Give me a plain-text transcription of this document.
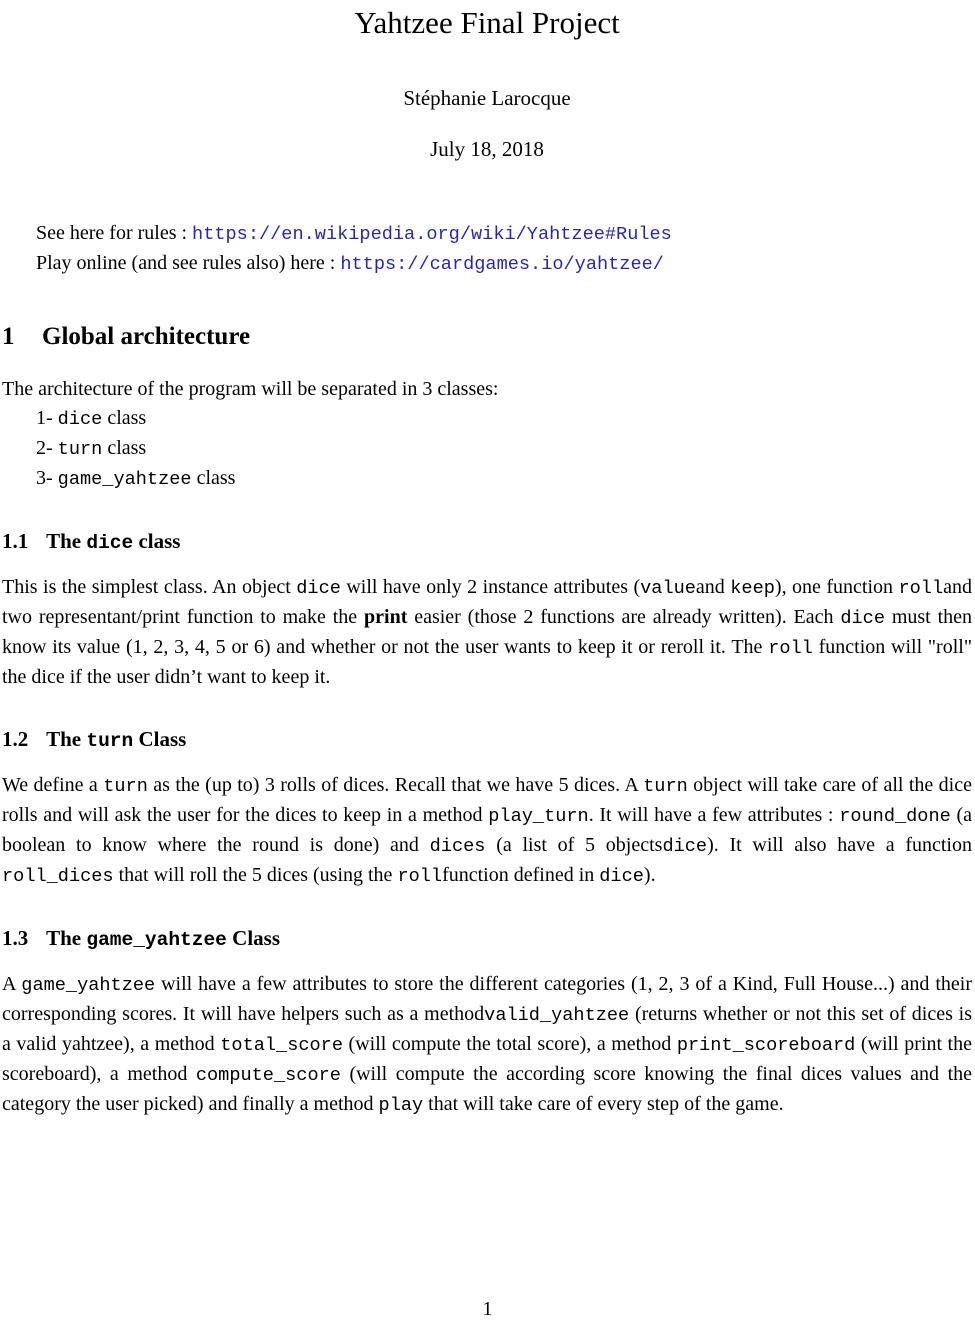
Yahtzee Final Project
Stéphanie Larocque
July 18, 2018
See here for rules : https://en.wikipedia.org/wiki/Yahtzee#Rules
Play online (and see rules also) here : https://cardgames.io/yahtzee/
1 Global architecture
The architecture of the program will be separated in 3 classes:
1- dice class
2- turn class
3- game_yahtzee class
1.1 The dice class
This is the simplest class. An object dice will have only 2 instance attributes (valueand keep), one function rolland two representant/print function to make the print easier (those 2 functions are already written). Each dice must then know its value (1, 2, 3, 4, 5 or 6) and whether or not the user wants to keep it or reroll it. The roll function will "roll" the dice if the user didn’t want to keep it.
1.2 The turn Class
We define a turn as the (up to) 3 rolls of dices. Recall that we have 5 dices. A turn object will take care of all the dice rolls and will ask the user for the dices to keep in a method play_turn. It will have a few attributes : round_done (a boolean to know where the round is done) and dices (a list of 5 objectsdice). It will also have a function roll_dices that will roll the 5 dices (using the rollfunction defined in dice).
1.3 The game_yahtzee Class
A game_yahtzee will have a few attributes to store the different categories (1, 2, 3 of a Kind, Full House...) and their corresponding scores. It will have helpers such as a methodvalid_yahtzee (returns whether or not this set of dices is a valid yahtzee), a method total_score (will compute the total score), a method print_scoreboard (will print the scoreboard), a method compute_score (will compute the according score knowing the final dices values and the category the user picked) and finally a method play that will take care of every step of the game.
1
